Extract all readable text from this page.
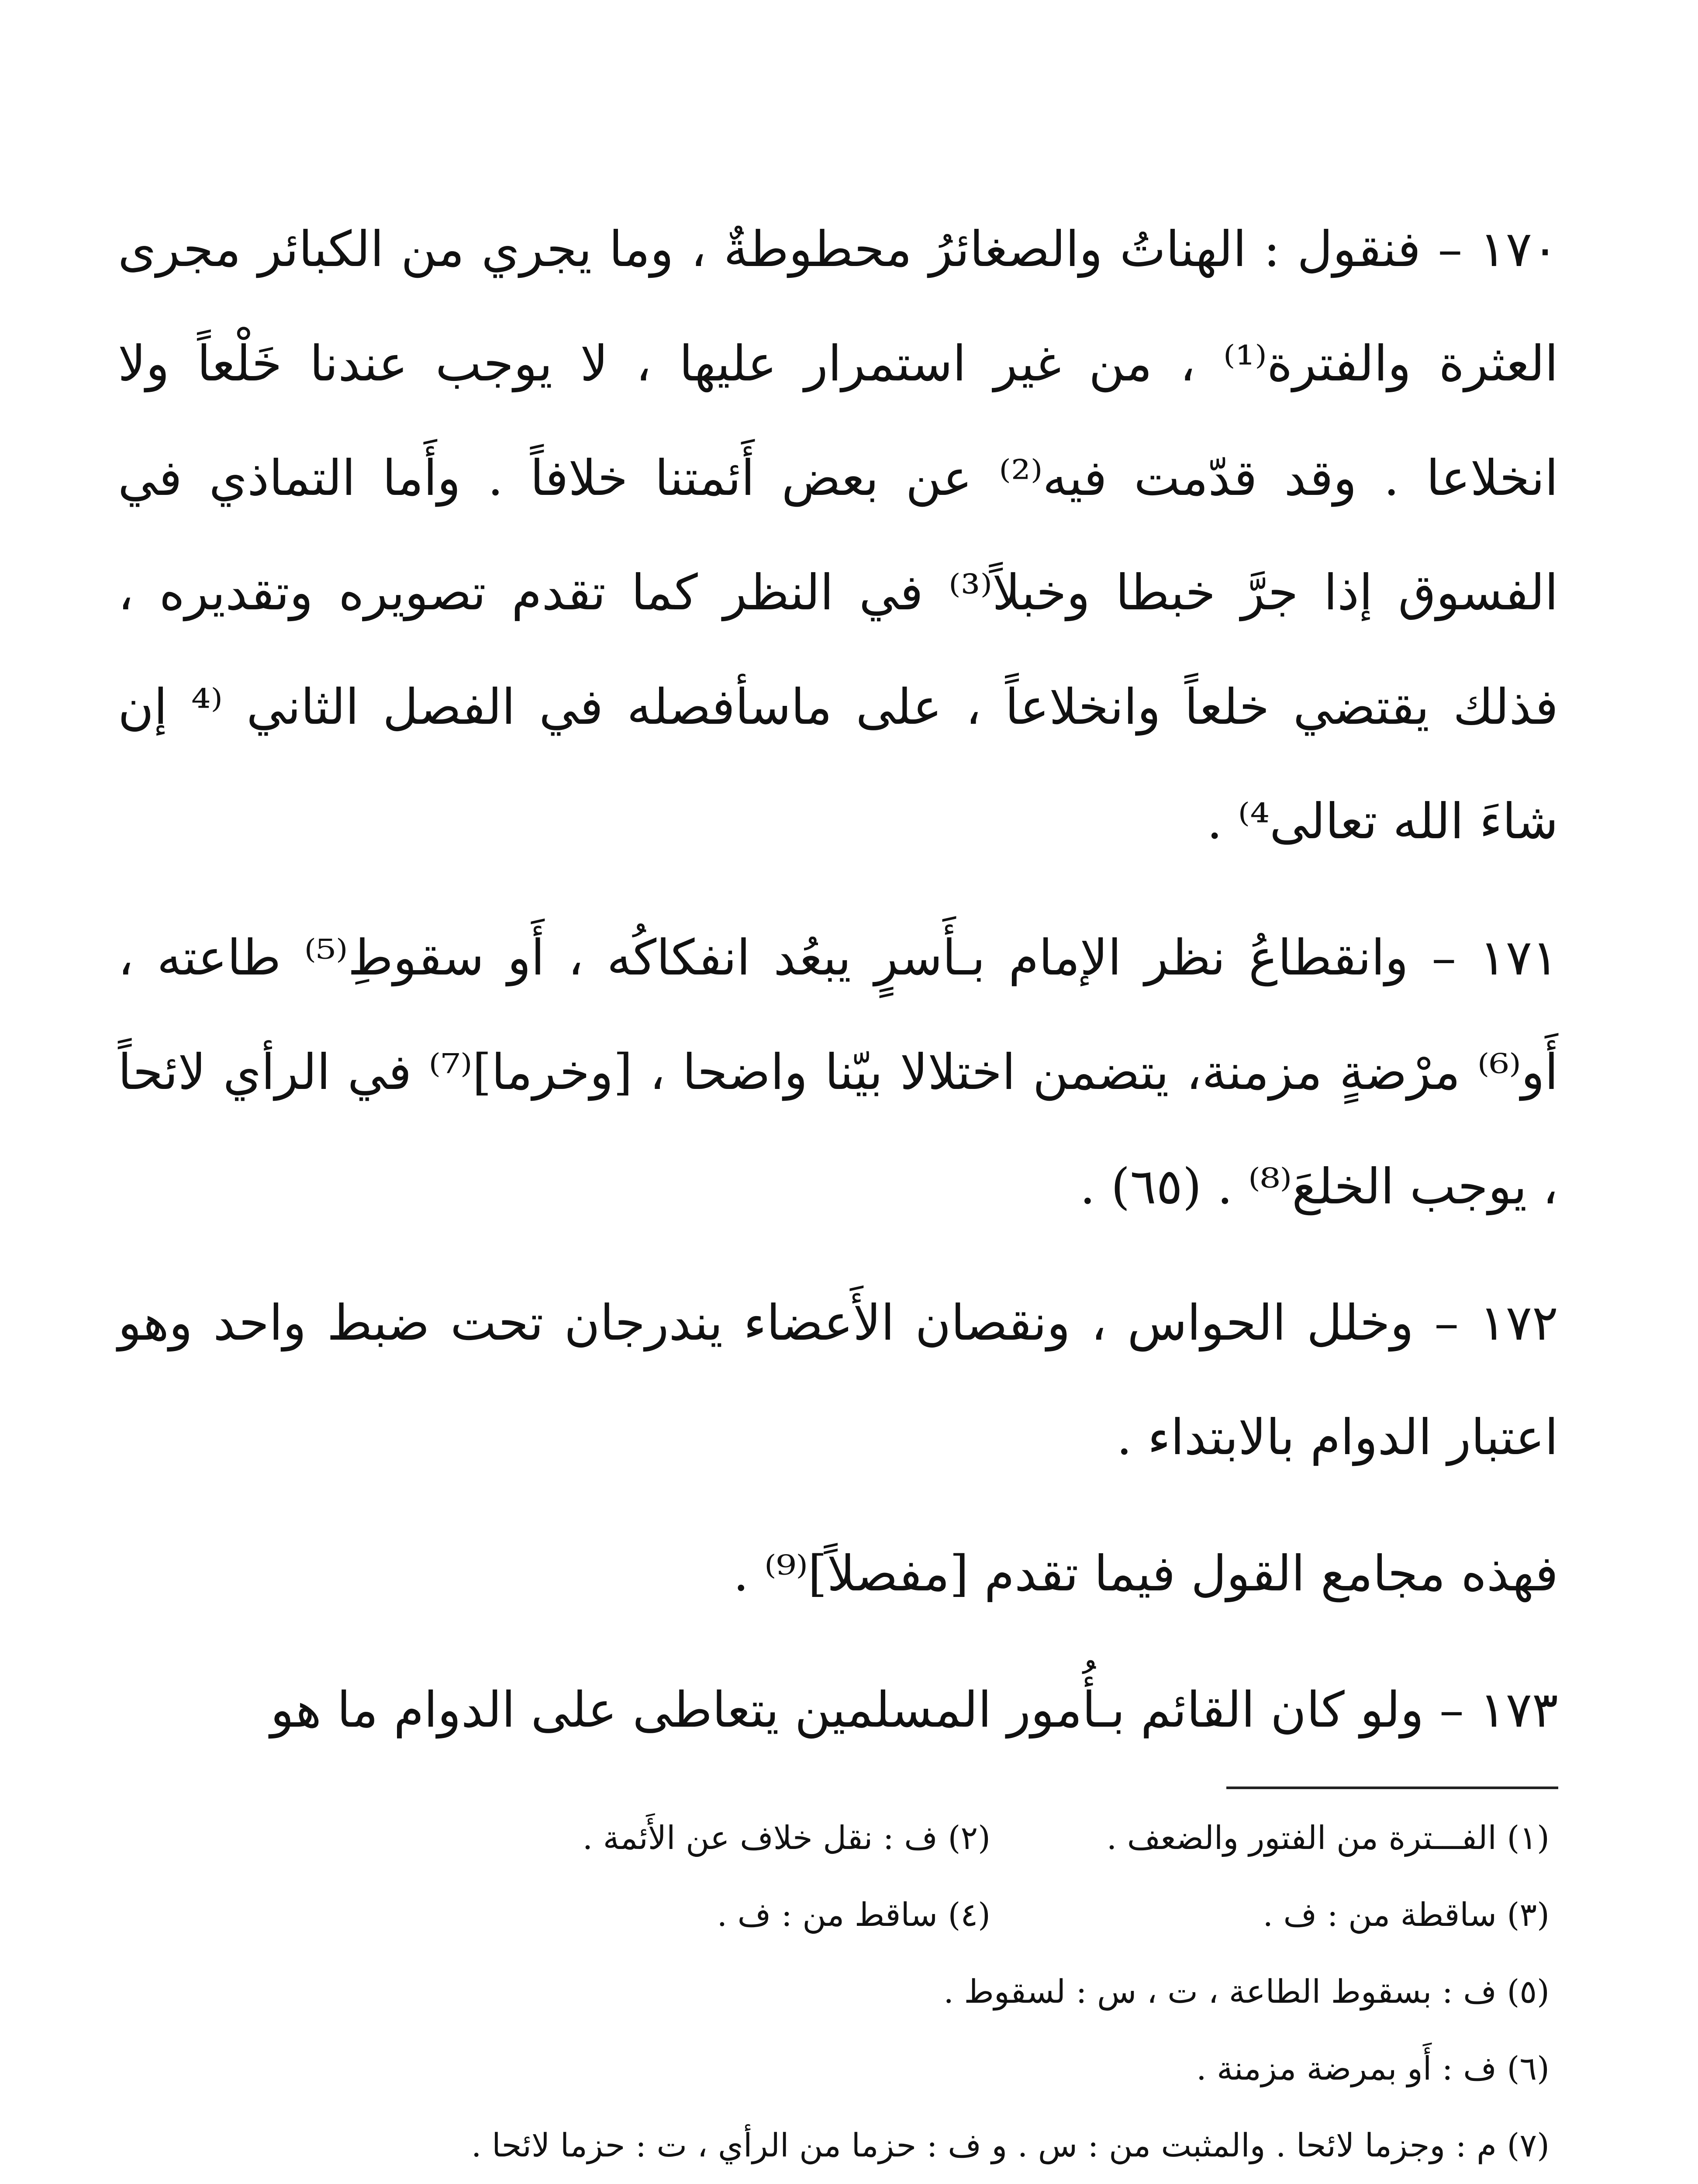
١٧٠ – فنقول : الهناتُ والصغائرُ محطوطةٌ ، وما يجري من الكبائر مجرى العثرة والفترة⁽¹⁾ ، من غير استمرار عليها ، لا يوجب عندنا خَلْعاً ولا انخلاعا . وقد قدّمت فيه⁽²⁾ عن بعض أَئمتنا خلافاً . وأَما التماذي في الفسوق إذا جرَّ خبطا وخبلاً⁽³⁾ في النظر كما تقدم تصويره وتقديره ، فذلك يقتضي خلعاً وانخلاعاً ، على ماسأفصله في الفصل الثاني ⁽⁴ إن شاءَ الله تعالى⁴⁾ .

١٧١ – وانقطاعُ نظر الإمام بـأَسرٍ يبعُد انفكاكُه ، أَو سقوطِ⁽⁵⁾ طاعته ، أَو⁽⁶⁾ مرْضةٍ مزمنة، يتضمن اختلالا بيّنا واضحا ، [وخرما]⁽⁷⁾ في الرأي لائحاً ، يوجب الخلعَ⁽⁸⁾ . (٦٥) .

١٧٢ – وخلل الحواس ، ونقصان الأَعضاء يندرجان تحت ضبط واحد وهو اعتبار الدوام بالابتداء .

فهذه مجامع القول فيما تقدم [مفصلاً]⁽⁹⁾ .

١٧٣ – ولو كان القائم بـأُمور المسلمين يتعاطى على الدوام ما هو

(١) الفـــترة من الفتور والضعف .
(٢) ف : نقل خلاف عن الأَئمة .
(٣) ساقطة من : ف .
(٤) ساقط من : ف .
(٥) ف : بسقوط الطاعة ، ت ، س : لسقوط .
(٦) ف : أَو بمرضة مزمنة .
(٧) م : وجزما لائحا . والمثبت من : س . و ف : حزما من الرأي ، ت : حزما لائحا .
